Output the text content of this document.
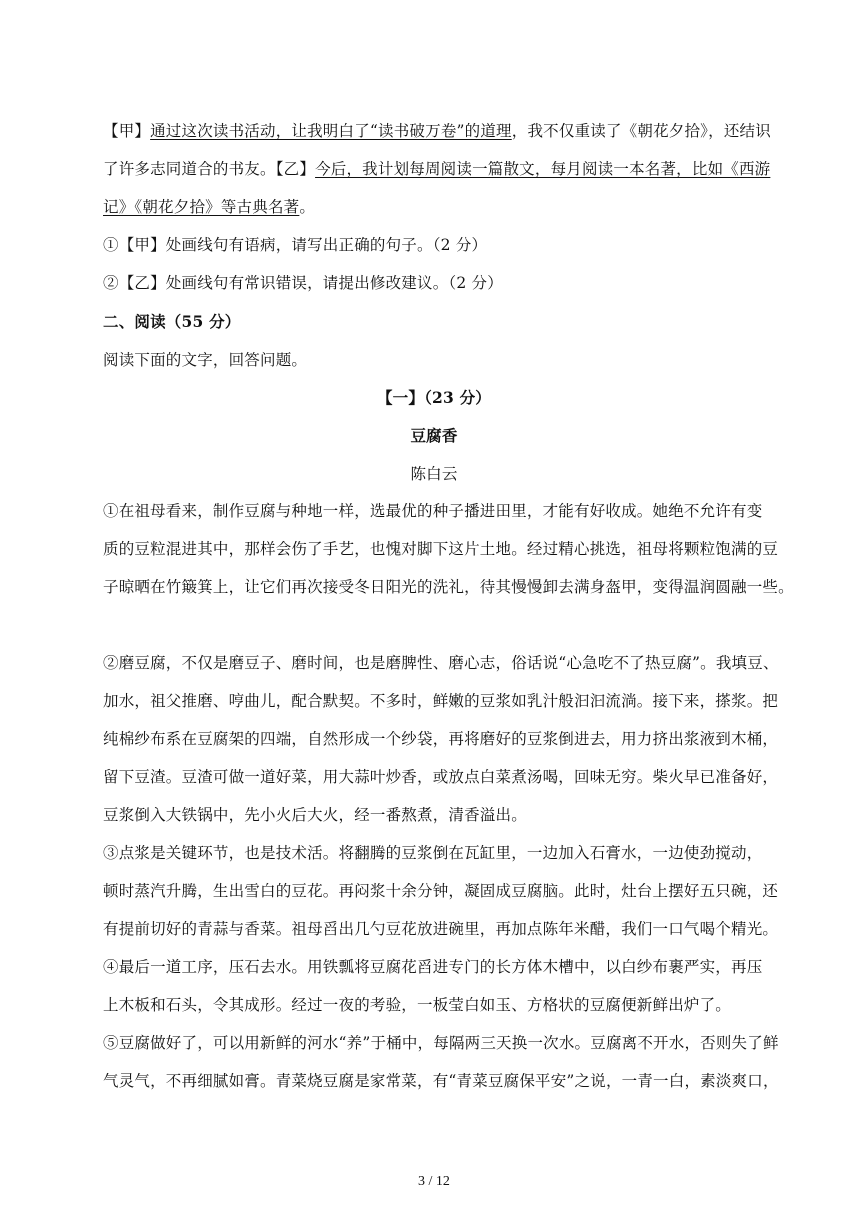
【甲】通过这次读书活动，让我明白了“读书破万卷”的道理，我不仅重读了《朝花夕拾》，还结识
了许多志同道合的书友。【乙】今后，我计划每周阅读一篇散文，每月阅读一本名著，比如《西游
记》《朝花夕拾》等古典名著。
①【甲】处画线句有语病，请写出正确的句子。（2 分）
②【乙】处画线句有常识错误，请提出修改建议。（2 分）
二、阅读（55 分）
阅读下面的文字，回答问题。
【一】（23 分）
豆腐香
陈白云
①在祖母看来，制作豆腐与种地一样，选最优的种子播进田里，才能有好收成。她绝不允许有变
质的豆粒混进其中，那样会伤了手艺，也愧对脚下这片土地。经过精心挑选，祖母将颗粒饱满的豆
子晾晒在竹簸箕上，让它们再次接受冬日阳光的洗礼，待其慢慢卸去满身盔甲，变得温润圆融一些。
②磨豆腐，不仅是磨豆子、磨时间，也是磨脾性、磨心志，俗话说“心急吃不了热豆腐”。我填豆、
加水，祖父推磨、哼曲儿，配合默契。不多时，鲜嫩的豆浆如乳汁般汩汩流淌。接下来，搽浆。把
纯棉纱布系在豆腐架的四端，自然形成一个纱袋，再将磨好的豆浆倒进去，用力挤出浆液到木桶，
留下豆渣。豆渣可做一道好菜，用大蒜叶炒香，或放点白菜煮汤喝，回味无穷。柴火早已准备好，
豆浆倒入大铁锅中，先小火后大火，经一番熬煮，清香溢出。
③点浆是关键环节，也是技术活。将翻腾的豆浆倒在瓦缸里，一边加入石膏水，一边使劲搅动，
顿时蒸汽升腾，生出雪白的豆花。再闷浆十余分钟，凝固成豆腐脑。此时，灶台上摆好五只碗，还
有提前切好的青蒜与香菜。祖母舀出几勺豆花放进碗里，再加点陈年米醋，我们一口气喝个精光。
④最后一道工序，压石去水。用铁瓢将豆腐花舀进专门的长方体木槽中，以白纱布裹严实，再压
上木板和石头，令其成形。经过一夜的考验，一板莹白如玉、方格状的豆腐便新鲜出炉了。
⑤豆腐做好了，可以用新鲜的河水“养”于桶中，每隔两三天换一次水。豆腐离不开水，否则失了鲜
气灵气，不再细腻如膏。青菜烧豆腐是家常菜，有“青菜豆腐保平安”之说，一青一白，素淡爽口，
3 / 12
